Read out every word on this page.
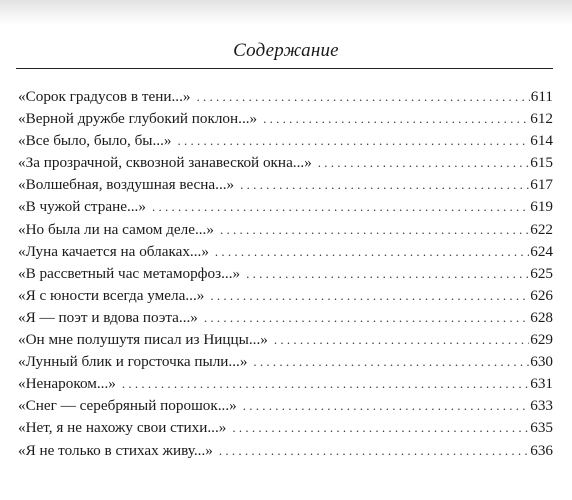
Содержание
«Сорок градусов в тени...» . . .	611
«Верной дружбе глубокий поклон...» . . .	612
«Все было, было, бы...» . . .	614
«За прозрачной, сквозной занавеской окна...» . . .	615
«Волшебная, воздушная весна...» . . .	617
«В чужой стране...» . . .	619
«Но была ли на самом деле...» . . .	622
«Луна качается на облаках...» . . .	624
«В рассветный час метаморфоз...» . . .	625
«Я с юности всегда умела...» . . .	626
«Я — поэт и вдова поэта...» . . .	628
«Он мне полушутя писал из Ниццы...» . . .	629
«Лунный блик и горсточка пыли...» . . .	630
«Ненароком...» . . .	631
«Снег — серебряный порошок...» . . .	633
«Нет, я не нахожу свои стихи...» . . .	635
«Я не только в стихах живу...» . . .	636
